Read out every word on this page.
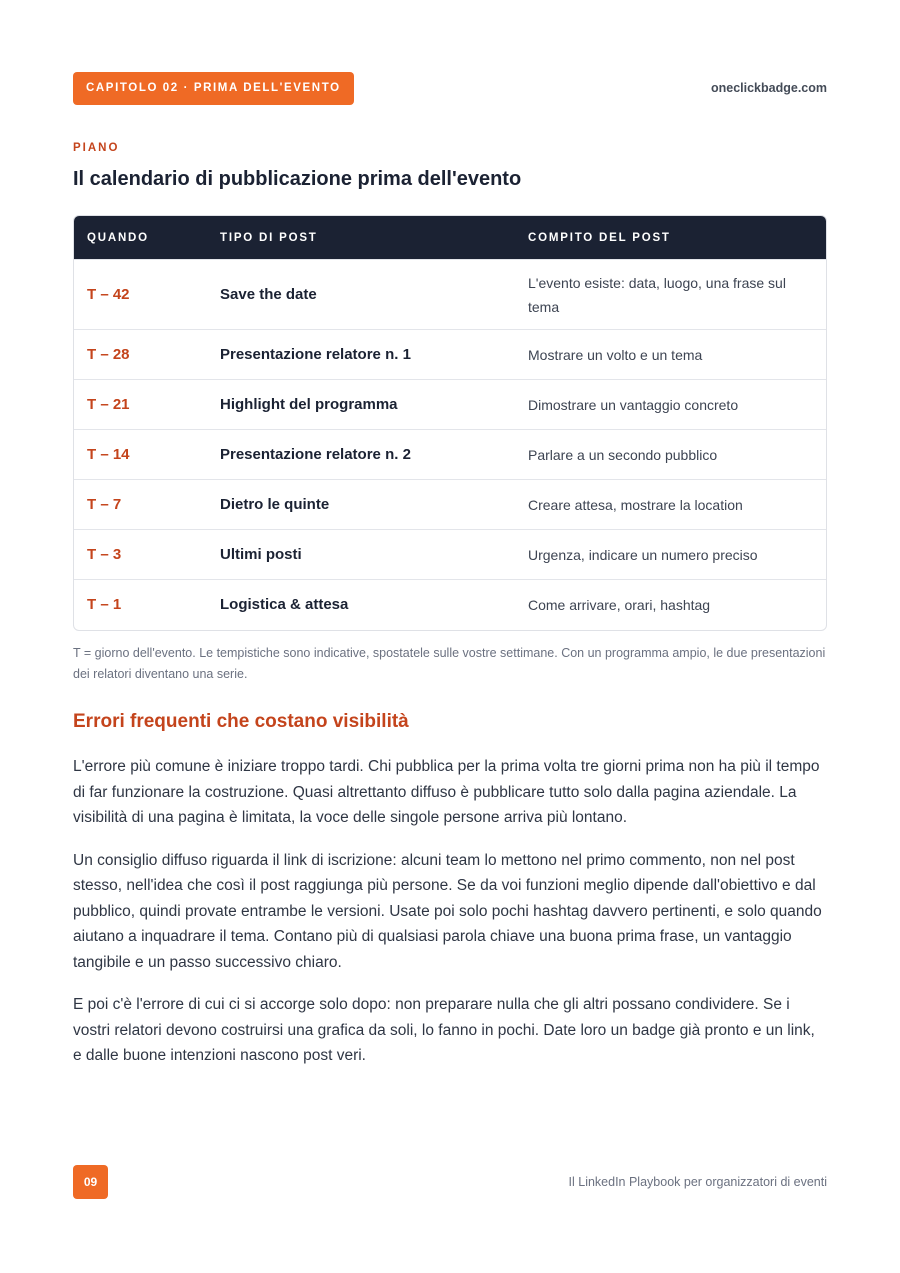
CAPITOLO 02 · PRIMA DELL'EVENTO	oneclickbadge.com
PIANO
Il calendario di pubblicazione prima dell'evento
QUANDO	TIPO DI POST	COMPITO DEL POST
T – 42	Save the date	L'evento esiste: data, luogo, una frase sul tema
T – 28	Presentazione relatore n. 1	Mostrare un volto e un tema
T – 21	Highlight del programma	Dimostrare un vantaggio concreto
T – 14	Presentazione relatore n. 2	Parlare a un secondo pubblico
T – 7	Dietro le quinte	Creare attesa, mostrare la location
T – 3	Ultimi posti	Urgenza, indicare un numero preciso
T – 1	Logistica & attesa	Come arrivare, orari, hashtag

T = giorno dell'evento. Le tempistiche sono indicative, spostatele sulle vostre settimane. Con un programma ampio, le due presentazioni dei relatori diventano una serie.

Errori frequenti che costano visibilità

L'errore più comune è iniziare troppo tardi. Chi pubblica per la prima volta tre giorni prima non ha più il tempo di far funzionare la costruzione. Quasi altrettanto diffuso è pubblicare tutto solo dalla pagina aziendale. La visibilità di una pagina è limitata, la voce delle singole persone arriva più lontano.

Un consiglio diffuso riguarda il link di iscrizione: alcuni team lo mettono nel primo commento, non nel post stesso, nell'idea che così il post raggiunga più persone. Se da voi funzioni meglio dipende dall'obiettivo e dal pubblico, quindi provate entrambe le versioni. Usate poi solo pochi hashtag davvero pertinenti, e solo quando aiutano a inquadrare il tema. Contano più di qualsiasi parola chiave una buona prima frase, un vantaggio tangibile e un passo successivo chiaro.

E poi c'è l'errore di cui ci si accorge solo dopo: non preparare nulla che gli altri possano condividere. Se i vostri relatori devono costruirsi una grafica da soli, lo fanno in pochi. Date loro un badge già pronto e un link, e dalle buone intenzioni nascono post veri.

09	Il LinkedIn Playbook per organizzatori di eventi
